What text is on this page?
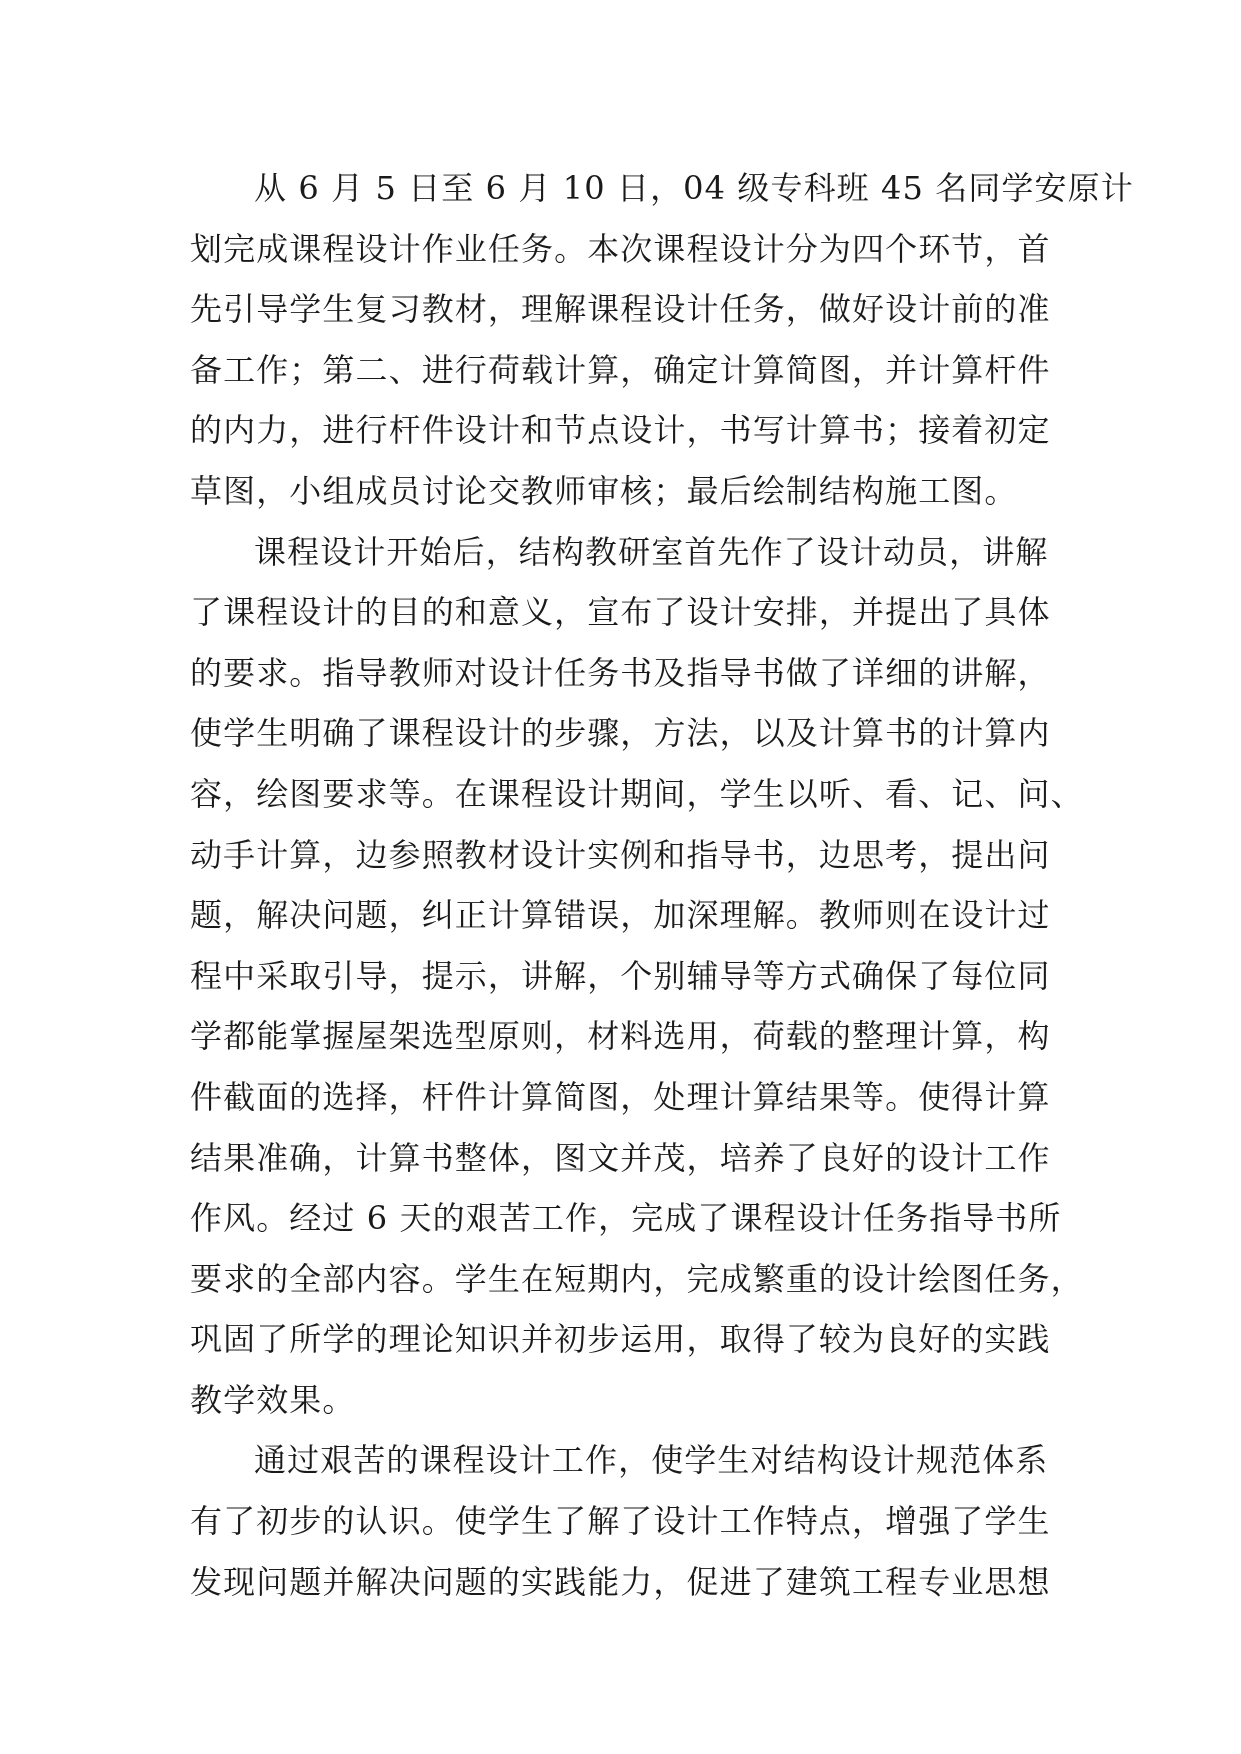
从 6 月 5 日至 6 月 10 日，04 级专科班 45 名同学安原计
划完成课程设计作业任务。本次课程设计分为四个环节，首
先引导学生复习教材，理解课程设计任务，做好设计前的准
备工作；第二、进行荷载计算，确定计算简图，并计算杆件
的内力，进行杆件设计和节点设计，书写计算书；接着初定
草图，小组成员讨论交教师审核；最后绘制结构施工图。
课程设计开始后，结构教研室首先作了设计动员，讲解
了课程设计的目的和意义，宣布了设计安排，并提出了具体
的要求。指导教师对设计任务书及指导书做了详细的讲解，
使学生明确了课程设计的步骤，方法，以及计算书的计算内
容，绘图要求等。在课程设计期间，学生以听、看、记、问、
动手计算，边参照教材设计实例和指导书，边思考，提出问
题，解决问题，纠正计算错误，加深理解。教师则在设计过
程中采取引导，提示，讲解，个别辅导等方式确保了每位同
学都能掌握屋架选型原则，材料选用，荷载的整理计算，构
件截面的选择，杆件计算简图，处理计算结果等。使得计算
结果准确，计算书整体，图文并茂，培养了良好的设计工作
作风。经过 6 天的艰苦工作，完成了课程设计任务指导书所
要求的全部内容。学生在短期内，完成繁重的设计绘图任务，
巩固了所学的理论知识并初步运用，取得了较为良好的实践
教学效果。
通过艰苦的课程设计工作，使学生对结构设计规范体系
有了初步的认识。使学生了解了设计工作特点，增强了学生
发现问题并解决问题的实践能力，促进了建筑工程专业思想
